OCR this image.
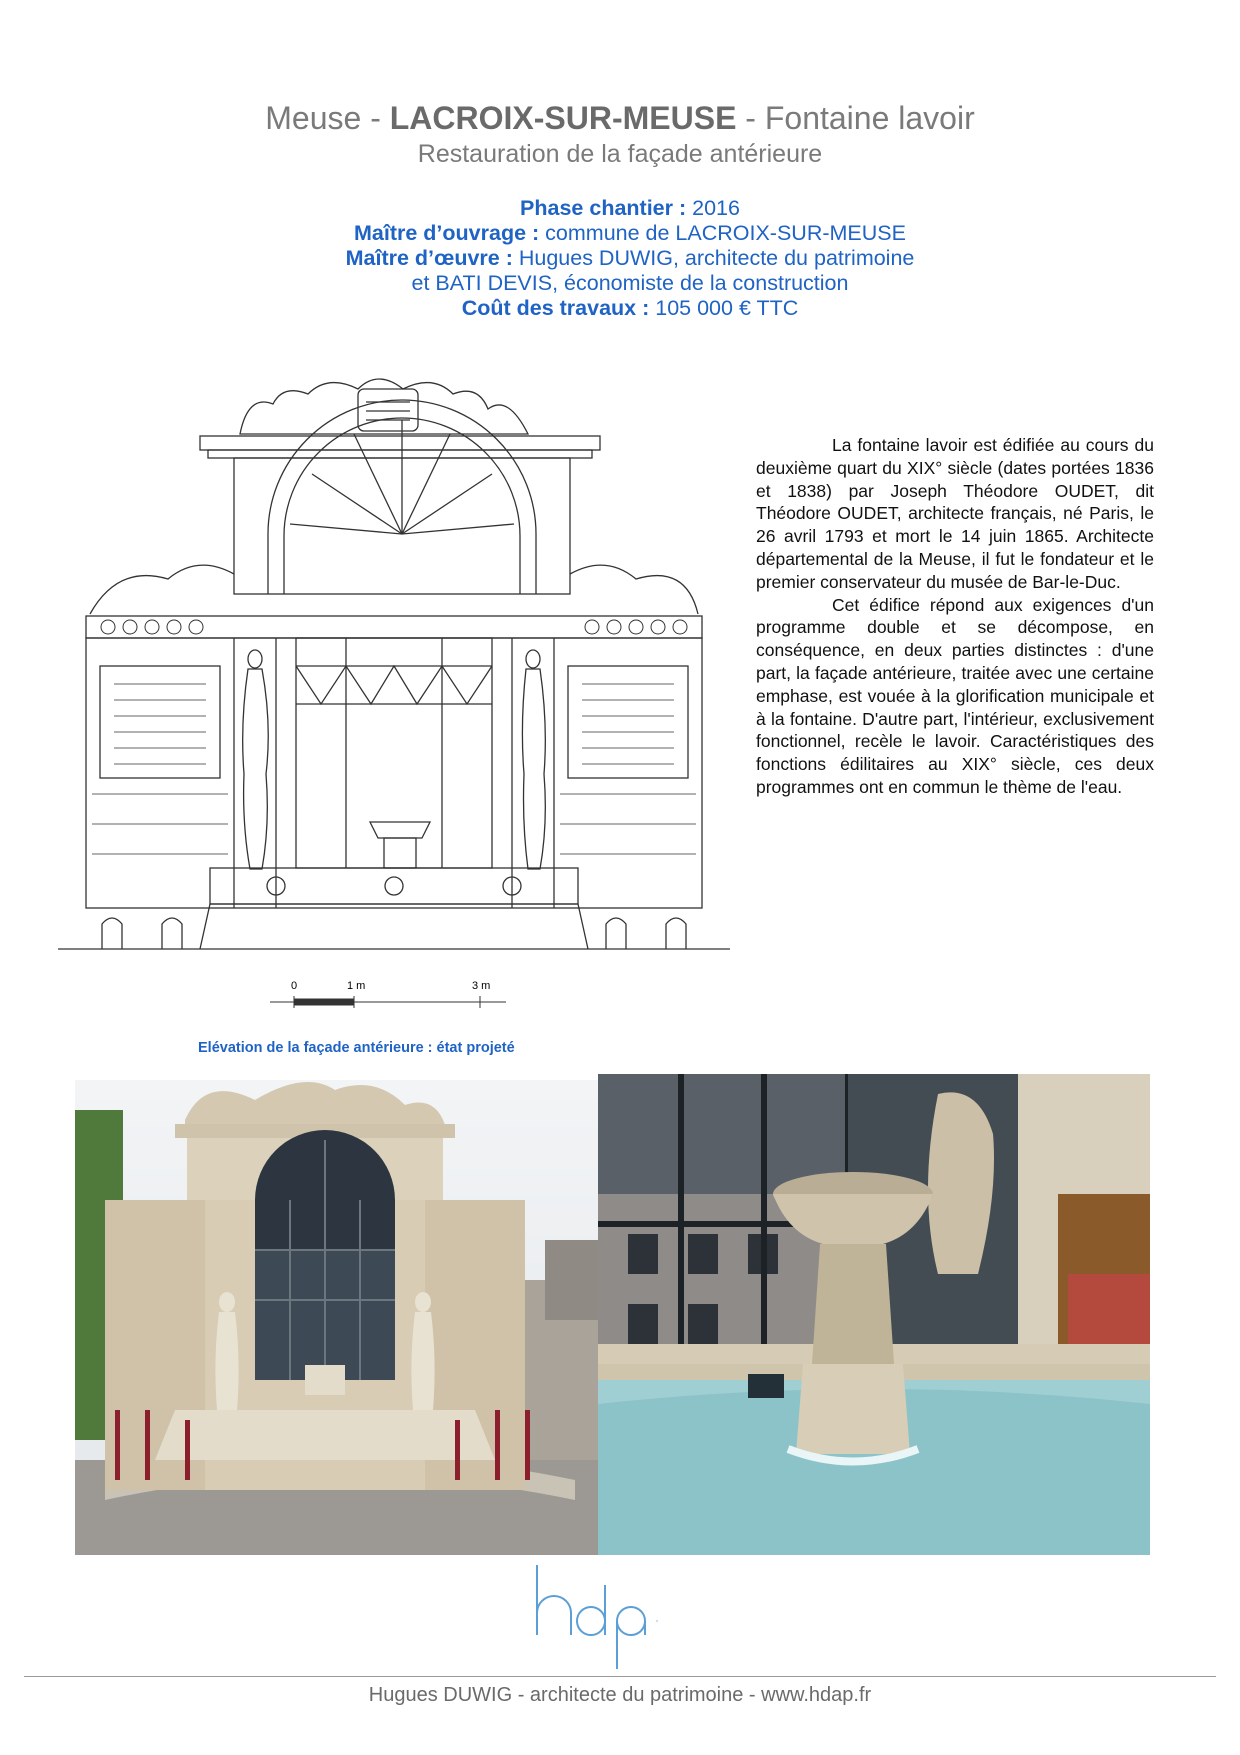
Meuse - LACROIX-SUR-MEUSE - Fontaine lavoir
Restauration de la façade antérieure
Phase chantier : 2016
Maître d’ouvrage : commune de LACROIX-SUR-MEUSE
Maître d’œuvre : Hugues DUWIG, architecte du patrimoine
et BATI DEVIS, économiste de la construction
Coût des travaux : 105 000 € TTC

La fontaine lavoir est édifiée au cours du deuxième quart du XIX° siècle (dates portées 1836 et 1838) par Joseph Théodore OUDET, dit Théodore OUDET, architecte français, né Paris, le 26 avril 1793 et mort le 14 juin 1865. Architecte départemental de la Meuse, il fut le fondateur et le premier conservateur du musée de Bar-le-Duc.

Cet édifice répond aux exigences d'un programme double et se décompose, en conséquence, en deux parties distinctes : d'une part, la façade antérieure, traitée avec une certaine emphase, est vouée à la glorification municipale et à la fontaine. D'autre part, l'intérieur, exclusivement fonctionnel, recèle le lavoir. Caractéristiques des fonctions édilitaires au XIX° siècle, ces deux programmes ont en commun le thème de l'eau.

0	1 m	3 m
Elévation de la façade antérieure : état projeté
hdap
Hugues DUWIG - architecte du patrimoine - www.hdap.fr
